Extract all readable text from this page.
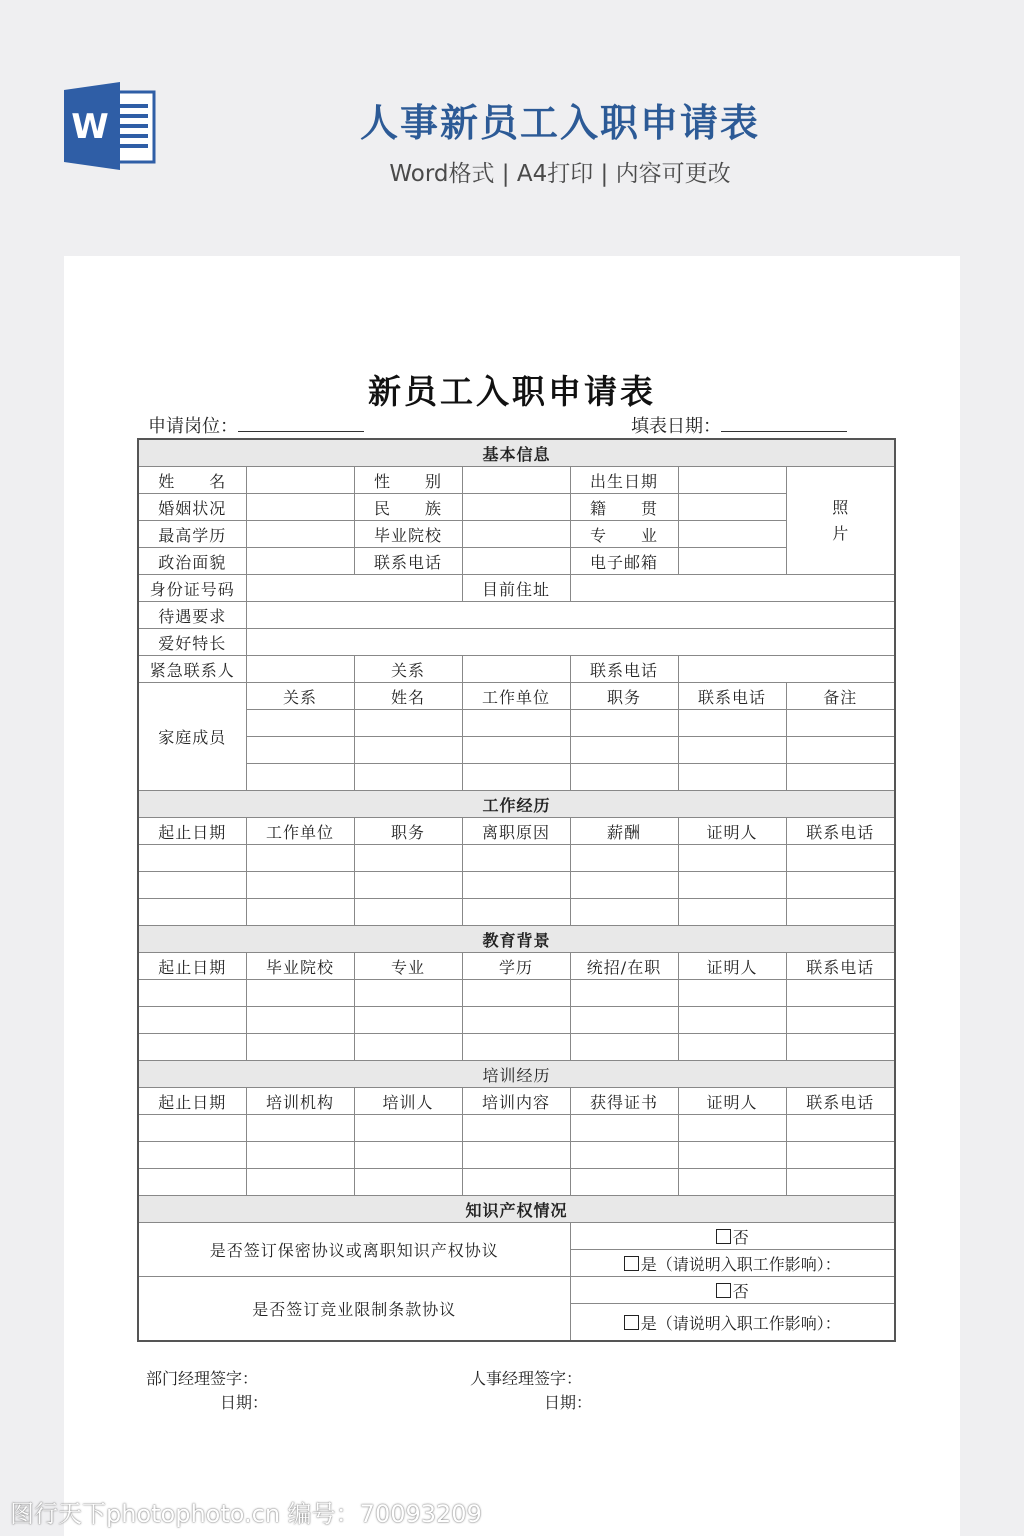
W	人事新员工入职申请表
Word格式 | A4打印 | 内容可更改
新员工入职申请表
申请岗位：	填表日期：
基本信息						
姓　　名		性　　别		出生日期		照
片
婚姻状况		民　　族		籍　　贯		
最高学历		毕业院校		专　　业		
政治面貌		联系电话		电子邮箱		
身份证号码			目前住址			
待遇要求						
爱好特长						
紧急联系人		关系		联系电话		
家庭成员	关系	姓名	工作单位	职务	联系电话	备注

工作经历						
起止日期	工作单位	职务	离职原因	薪酬	证明人	联系电话

教育背景						
起止日期	毕业院校	专业	学历	统招/在职	证明人	联系电话

培训经历						
起止日期	培训机构	培训人	培训内容	获得证书	证明人	联系电话

知识产权情况						
是否签订保密协议或离职知识产权协议				否		
				是（请说明入职工作影响）：		
是否签订竞业限制条款协议				否		
				是（请说明入职工作影响）：		
部门经理签字：	人事经理签字：
日期：	日期：
图行天下photophoto.cn 编号：70093209
